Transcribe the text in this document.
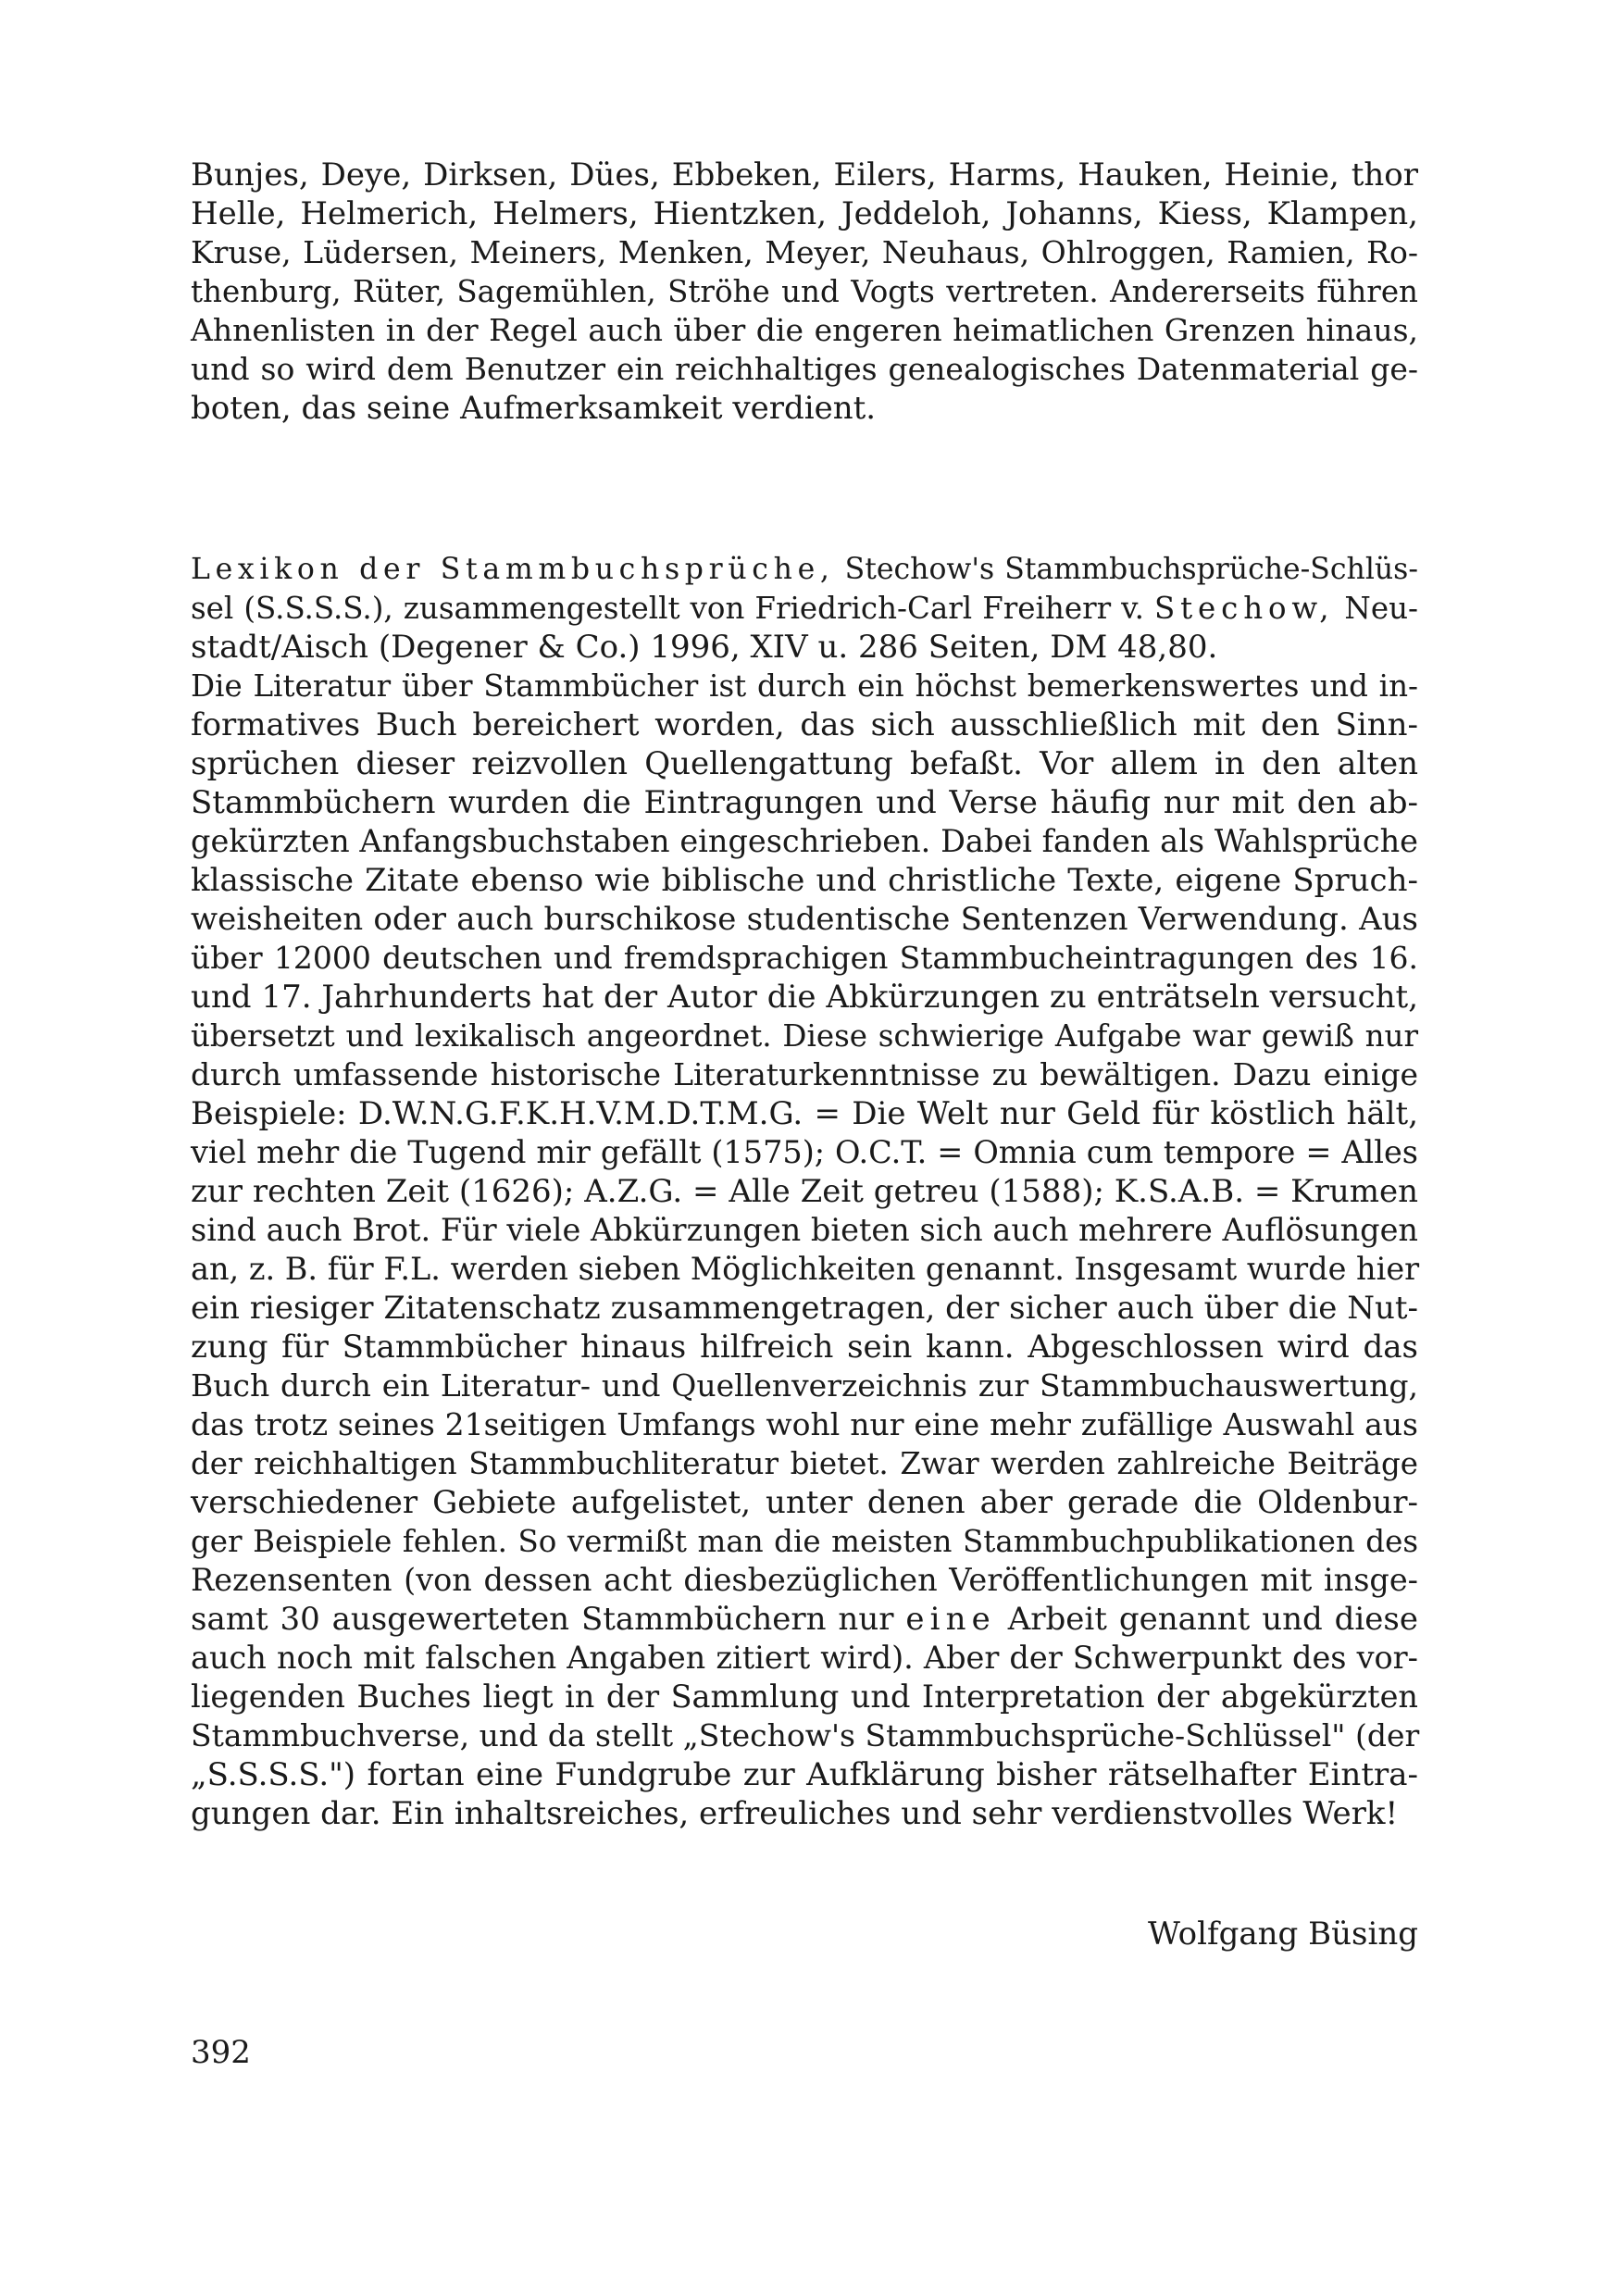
Bunjes, Deye, Dirksen, Dües, Ebbeken, Eilers, Harms, Hauken, Heinie, thor
Helle, Helmerich, Helmers, Hientzken, Jeddeloh, Johanns, Kiess, Klampen,
Kruse, Lüdersen, Meiners, Menken, Meyer, Neuhaus, Ohlroggen, Ramien, Ro-
thenburg, Rüter, Sagemühlen, Ströhe und Vogts vertreten. Andererseits führen
Ahnenlisten in der Regel auch über die engeren heimatlichen Grenzen hinaus,
und so wird dem Benutzer ein reichhaltiges genealogisches Datenmaterial ge-
boten, das seine Aufmerksamkeit verdient.
Lexikon der Stammbuchsprüche, Stechow's Stammbuchsprüche-Schlüs-
sel (S.S.S.S.), zusammengestellt von Friedrich-Carl Freiherr v. Stechow, Neu-
stadt/Aisch (Degener & Co.) 1996, XIV u. 286 Seiten, DM 48,80.
Die Literatur über Stammbücher ist durch ein höchst bemerkenswertes und in-
formatives Buch bereichert worden, das sich ausschließlich mit den Sinn-
sprüchen dieser reizvollen Quellengattung befaßt. Vor allem in den alten
Stammbüchern wurden die Eintragungen und Verse häufig nur mit den ab-
gekürzten Anfangsbuchstaben eingeschrieben. Dabei fanden als Wahlsprüche
klassische Zitate ebenso wie biblische und christliche Texte, eigene Spruch-
weisheiten oder auch burschikose studentische Sentenzen Verwendung. Aus
über 12000 deutschen und fremdsprachigen Stammbucheintragungen des 16.
und 17. Jahrhunderts hat der Autor die Abkürzungen zu enträtseln versucht,
übersetzt und lexikalisch angeordnet. Diese schwierige Aufgabe war gewiß nur
durch umfassende historische Literaturkenntnisse zu bewältigen. Dazu einige
Beispiele: D.W.N.G.F.K.H.V.M.D.T.M.G. = Die Welt nur Geld für köstlich hält,
viel mehr die Tugend mir gefällt (1575); O.C.T. = Omnia cum tempore = Alles
zur rechten Zeit (1626); A.Z.G. = Alle Zeit getreu (1588); K.S.A.B. = Krumen
sind auch Brot. Für viele Abkürzungen bieten sich auch mehrere Auflösungen
an, z. B. für F.L. werden sieben Möglichkeiten genannt. Insgesamt wurde hier
ein riesiger Zitatenschatz zusammengetragen, der sicher auch über die Nut-
zung für Stammbücher hinaus hilfreich sein kann. Abgeschlossen wird das
Buch durch ein Literatur- und Quellenverzeichnis zur Stammbuchauswertung,
das trotz seines 21seitigen Umfangs wohl nur eine mehr zufällige Auswahl aus
der reichhaltigen Stammbuchliteratur bietet. Zwar werden zahlreiche Beiträge
verschiedener Gebiete aufgelistet, unter denen aber gerade die Oldenbur-
ger Beispiele fehlen. So vermißt man die meisten Stammbuchpublikationen des
Rezensenten (von dessen acht diesbezüglichen Veröffentlichungen mit insge-
samt 30 ausgewerteten Stammbüchern nur eine Arbeit genannt und diese
auch noch mit falschen Angaben zitiert wird). Aber der Schwerpunkt des vor-
liegenden Buches liegt in der Sammlung und Interpretation der abgekürzten
Stammbuchverse, und da stellt „Stechow's Stammbuchsprüche-Schlüssel" (der
„S.S.S.S.") fortan eine Fundgrube zur Aufklärung bisher rätselhafter Eintra-
gungen dar. Ein inhaltsreiches, erfreuliches und sehr verdienstvolles Werk!
Wolfgang Büsing
392
